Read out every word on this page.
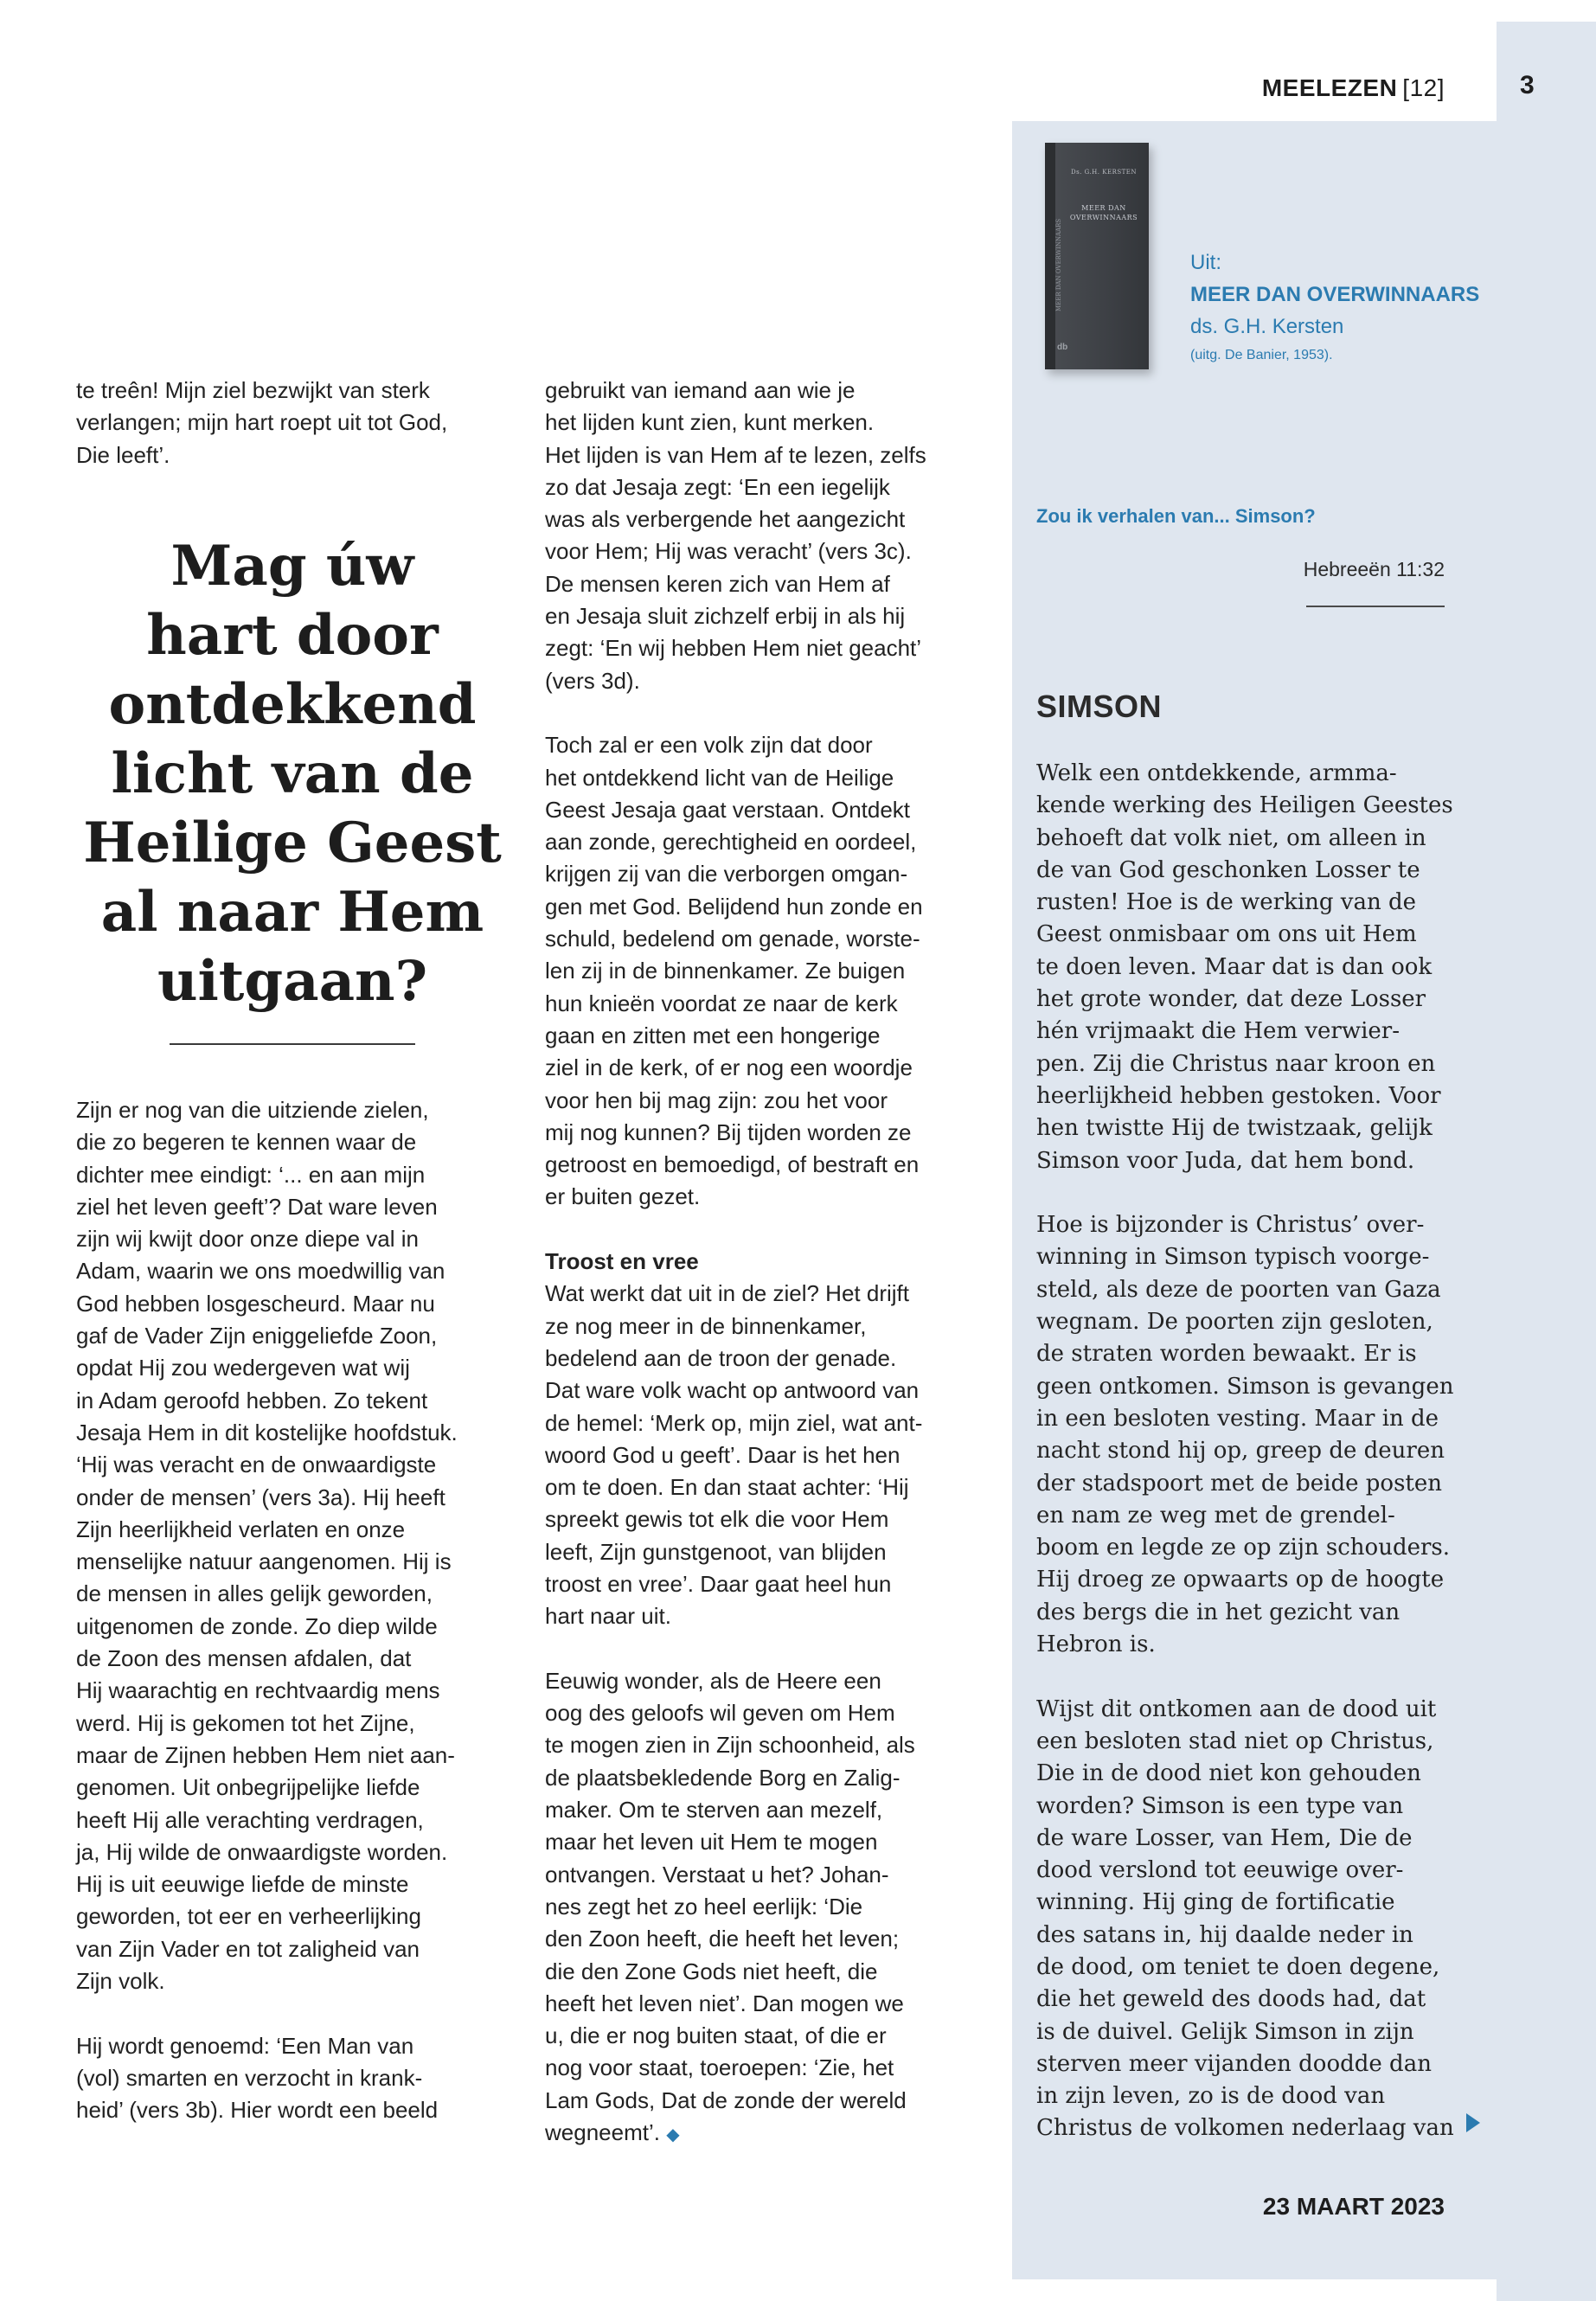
3
MEELEZEN [12]
Ds. G.H. KERSTEN
MEER DAN
OVERWINNAARS
MEER DAN OVERWINNAARS
db
Uit:
MEER DAN OVERWINNAARS
ds. G.H. Kersten
(uitg. De Banier, 1953).
Zou ik verhalen van... Simson?
Hebreeën 11:32
SIMSON

Welk een ontdekkende, armma-
kende werking des Heiligen Geestes
behoeft dat volk niet, om alleen in
de van God geschonken Losser te
rusten! Hoe is de werking van de
Geest onmisbaar om ons uit Hem
te doen leven. Maar dat is dan ook
het grote wonder, dat deze Losser
hén vrijmaakt die Hem verwier-
pen. Zij die Christus naar kroon en
heerlijkheid hebben gestoken. Voor
hen twistte Hij de twistzaak, gelijk
Simson voor Juda, dat hem bond.

Hoe is bijzonder is Christus’ over-
winning in Simson typisch voorge-
steld, als deze de poorten van Gaza
wegnam. De poorten zijn gesloten,
de straten worden bewaakt. Er is
geen ontkomen. Simson is gevangen
in een besloten vesting. Maar in de
nacht stond hij op, greep de deuren
der stadspoort met de beide posten
en nam ze weg met de grendel-
boom en legde ze op zijn schouders.
Hij droeg ze opwaarts op de hoogte
des bergs die in het gezicht van
Hebron is.

Wijst dit ontkomen aan de dood uit
een besloten stad niet op Christus,
Die in de dood niet kon gehouden
worden? Simson is een type van
de ware Losser, van Hem, Die de
dood verslond tot eeuwige over-
winning. Hij ging de fortificatie
des satans in, hij daalde neder in
de dood, om teniet te doen degene,
die het geweld des doods had, dat
is de duivel. Gelijk Simson in zijn
sterven meer vijanden doodde dan
in zijn leven, zo is de dood van
Christus de volkomen nederlaag van

te treên! Mijn ziel bezwijkt van sterk
verlangen; mijn hart roept uit tot God,
Die leeft’.

Mag úw
hart door
ontdekkend
licht van de
Heilige Geest
al naar Hem
uitgaan?

Zijn er nog van die uitziende zielen,
die zo begeren te kennen waar de
dichter mee eindigt: ‘... en aan mijn
ziel het leven geeft’? Dat ware leven
zijn wij kwijt door onze diepe val in
Adam, waarin we ons moedwillig van
God hebben losgescheurd. Maar nu
gaf de Vader Zijn eniggeliefde Zoon,
opdat Hij zou wedergeven wat wij
in Adam geroofd hebben. Zo tekent
Jesaja Hem in dit kostelijke hoofdstuk.
‘Hij was veracht en de onwaardigste
onder de mensen’ (vers 3a). Hij heeft
Zijn heerlijkheid verlaten en onze
menselijke natuur aangenomen. Hij is
de mensen in alles gelijk geworden,
uitgenomen de zonde. Zo diep wilde
de Zoon des mensen afdalen, dat
Hij waarachtig en rechtvaardig mens
werd. Hij is gekomen tot het Zijne,
maar de Zijnen hebben Hem niet aan-
genomen. Uit onbegrijpelijke liefde
heeft Hij alle verachting verdragen,
ja, Hij wilde de onwaardigste worden.
Hij is uit eeuwige liefde de minste
geworden, tot eer en verheerlijking
van Zijn Vader en tot zaligheid van
Zijn volk.

Hij wordt genoemd: ‘Een Man van
(vol) smarten en verzocht in krank-
heid’ (vers 3b). Hier wordt een beeld

gebruikt van iemand aan wie je
het lijden kunt zien, kunt merken.
Het lijden is van Hem af te lezen, zelfs
zo dat Jesaja zegt: ‘En een iegelijk
was als verbergende het aangezicht
voor Hem; Hij was veracht’ (vers 3c).
De mensen keren zich van Hem af
en Jesaja sluit zichzelf erbij in als hij
zegt: ‘En wij hebben Hem niet geacht’
(vers 3d).

Toch zal er een volk zijn dat door
het ontdekkend licht van de Heilige
Geest Jesaja gaat verstaan. Ontdekt
aan zonde, gerechtigheid en oordeel,
krijgen zij van die verborgen omgan-
gen met God. Belijdend hun zonde en
schuld, bedelend om genade, worste-
len zij in de binnenkamer. Ze buigen
hun knieën voordat ze naar de kerk
gaan en zitten met een hongerige
ziel in de kerk, of er nog een woordje
voor hen bij mag zijn: zou het voor
mij nog kunnen? Bij tijden worden ze
getroost en bemoedigd, of bestraft en
er buiten gezet.

Troost en vree

Wat werkt dat uit in de ziel? Het drijft
ze nog meer in de binnenkamer,
bedelend aan de troon der genade.
Dat ware volk wacht op antwoord van
de hemel: ‘Merk op, mijn ziel, wat ant-
woord God u geeft’. Daar is het hen
om te doen. En dan staat achter: ‘Hij
spreekt gewis tot elk die voor Hem
leeft, Zijn gunstgenoot, van blijden
troost en vree’. Daar gaat heel hun
hart naar uit.

Eeuwig wonder, als de Heere een
oog des geloofs wil geven om Hem
te mogen zien in Zijn schoonheid, als
de plaatsbekledende Borg en Zalig-
maker. Om te sterven aan mezelf,
maar het leven uit Hem te mogen
ontvangen. Verstaat u het? Johan-
nes zegt het zo heel eerlijk: ‘Die
den Zoon heeft, die heeft het leven;
die den Zone Gods niet heeft, die
heeft het leven niet’. Dan mogen we
u, die er nog buiten staat, of die er
nog voor staat, toeroepen: ‘Zie, het
Lam Gods, Dat de zonde der wereld
wegneemt’. ◆

23 MAART 2023
